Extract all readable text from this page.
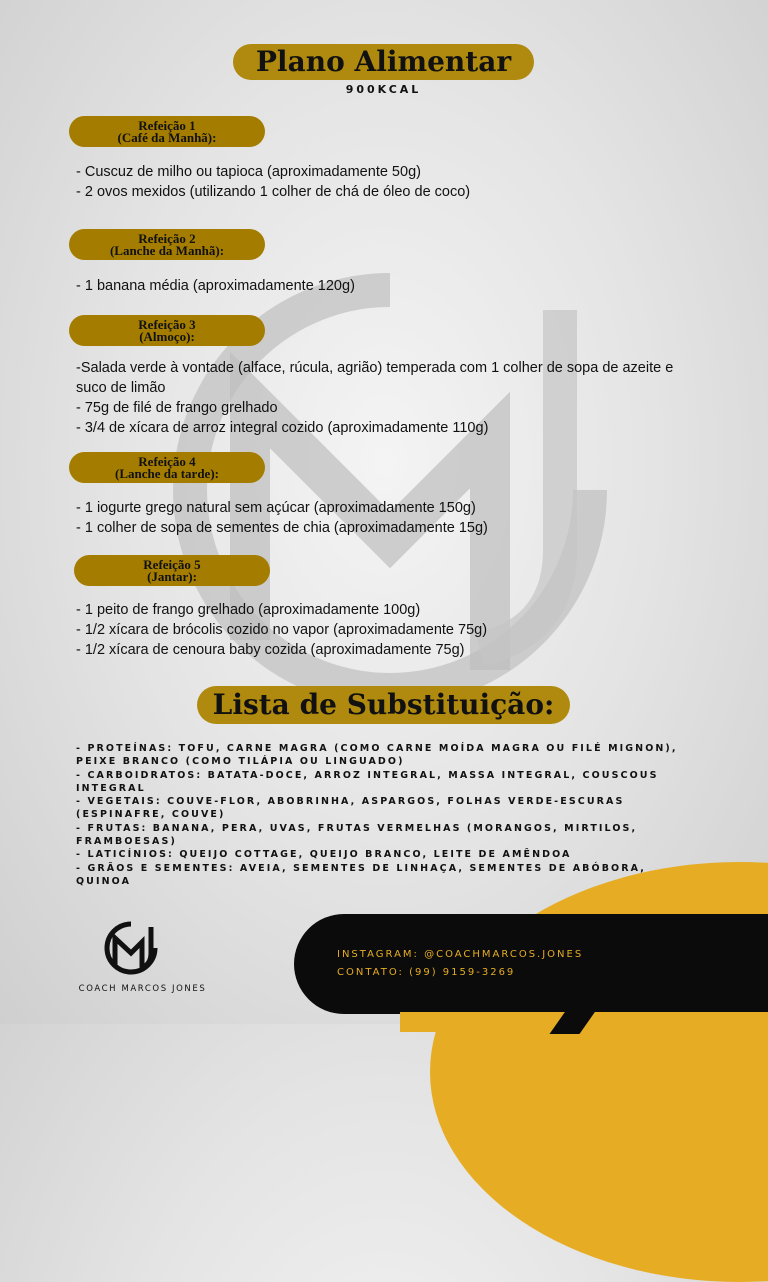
Plano Alimentar
900KCAL
Refeição 1
(Café da Manhã):
- Cuscuz de milho ou tapioca (aproximadamente 50g)
- 2 ovos mexidos (utilizando 1 colher de chá de óleo de coco)
Refeição 2
(Lanche da Manhã):
- 1 banana média (aproximadamente 120g)
Refeição 3
(Almoço):
-Salada verde à vontade (alface, rúcula, agrião) temperada com 1 colher de sopa de azeite e suco de limão
- 75g de filé de frango grelhado
- 3/4 de xícara de arroz integral cozido (aproximadamente 110g)
Refeição 4
(Lanche da tarde):
- 1 iogurte grego natural sem açúcar (aproximadamente 150g)
- 1 colher de sopa de sementes de chia (aproximadamente 15g)
Refeição 5
(Jantar):
- 1 peito de frango grelhado (aproximadamente 100g)
- 1/2 xícara de brócolis cozido no vapor (aproximadamente 75g)
- 1/2 xícara de cenoura baby cozida (aproximadamente 75g)
Lista de Substituição:
- PROTEÍNAS: TOFU, CARNE MAGRA (COMO CARNE MOÍDA MAGRA OU FILÉ MIGNON), PEIXE BRANCO (COMO TILÁPIA OU LINGUADO)
- CARBOIDRATOS: BATATA-DOCE, ARROZ INTEGRAL, MASSA INTEGRAL, COUSCOUS INTEGRAL
- VEGETAIS: COUVE-FLOR, ABOBRINHA, ASPARGOS, FOLHAS VERDE-ESCURAS (ESPINAFRE, COUVE)
- FRUTAS: BANANA, PERA, UVAS, FRUTAS VERMELHAS (MORANGOS, MIRTILOS, FRAMBOESAS)
- LATICÍNIOS: QUEIJO COTTAGE, QUEIJO BRANCO, LEITE DE AMÊNDOA
- GRÃOS E SEMENTES: AVEIA, SEMENTES DE LINHAÇA, SEMENTES DE ABÓBORA, QUINOA
INSTAGRAM: @COACHMARCOS.JONES
CONTATO: (99) 9159-3269
COACH MARCOS JONES
